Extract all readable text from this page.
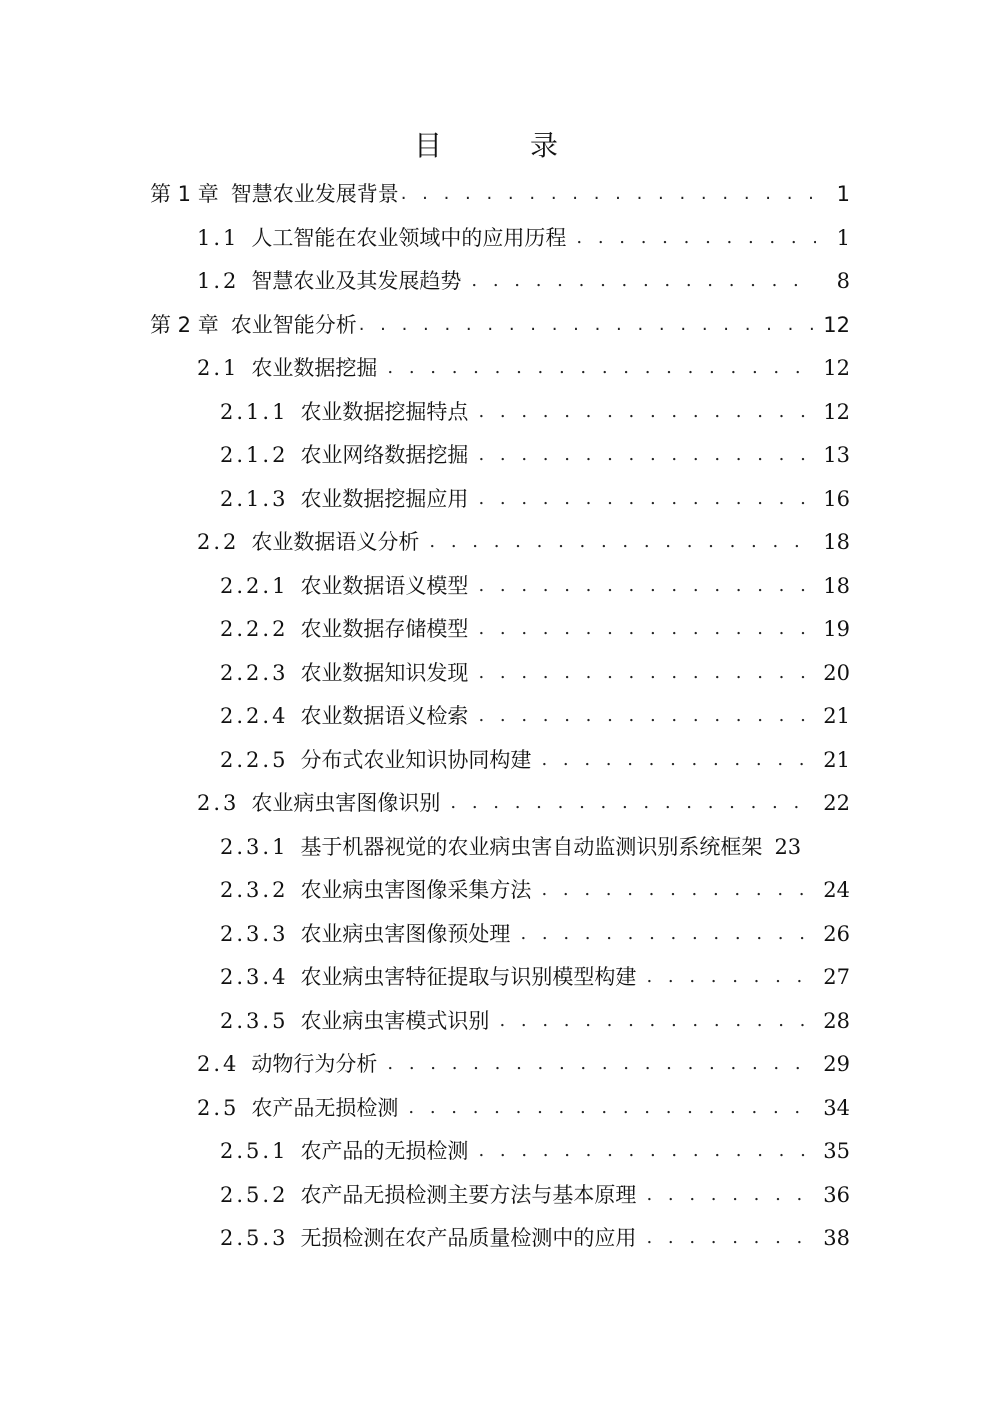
目　录
第 1 章 智慧农业发展背景 . . .	1
1.1 人工智能在农业领域中的应用历程 . . .	1
1.2 智慧农业及其发展趋势 . . .	8
第 2 章 农业智能分析 . . .	12
2.1 农业数据挖掘 . . .	12
2.1.1 农业数据挖掘特点 . . .	12
2.1.2 农业网络数据挖掘 . . .	13
2.1.3 农业数据挖掘应用 . . .	16
2.2 农业数据语义分析 . . .	18
2.2.1 农业数据语义模型 . . .	18
2.2.2 农业数据存储模型 . . .	19
2.2.3 农业数据知识发现 . . .	20
2.2.4 农业数据语义检索 . . .	21
2.2.5 分布式农业知识协同构建 . . .	21
2.3 农业病虫害图像识别 . . .	22
2.3.1 基于机器视觉的农业病虫害自动监测识别系统框架 23
2.3.2 农业病虫害图像采集方法 . . .	24
2.3.3 农业病虫害图像预处理 . . .	26
2.3.4 农业病虫害特征提取与识别模型构建 . . .	27
2.3.5 农业病虫害模式识别 . . .	28
2.4 动物行为分析 . . .	29
2.5 农产品无损检测 . . .	34
2.5.1 农产品的无损检测 . . .	35
2.5.2 农产品无损检测主要方法与基本原理 . . .	36
2.5.3 无损检测在农产品质量检测中的应用 . . .	38
